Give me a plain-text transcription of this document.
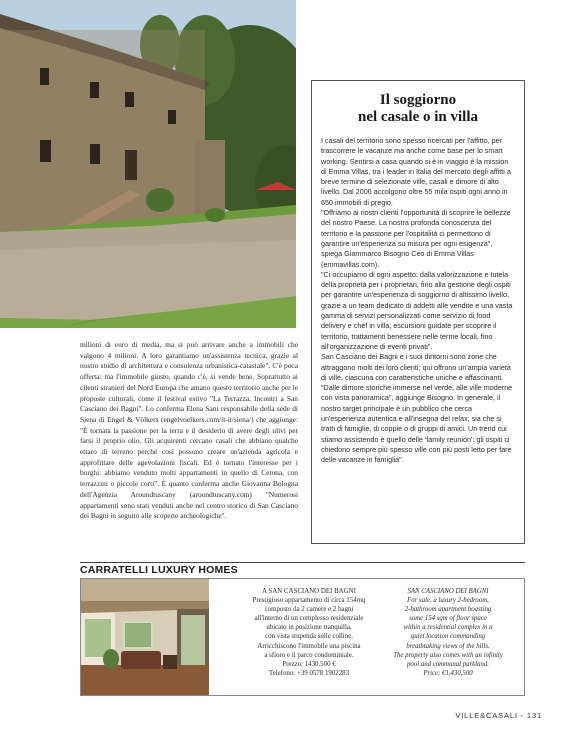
milioni di euro di media, ma si può arrivare anche a immobili che valgono 4 milioni. A loro garantiamo un'assistenza tecnica, grazie al nostro studio di architettura e consulenza urbanistica-catastale". C'è poca offerta: ma l'immobile giusto, quando c'è, si vende bene. Soprattutto ai clienti stranieri del Nord Europa che amano questo territorio anche per le proposte culturali, come il festival estivo "La Terrazza. Incontri a San Casciano dei Bagni". Lo conferma Elena Sani responsabile della sede di Siena di Engel & Völkers (engelvoelkers.com/it-it/siena/) che aggiunge: "È tornata la passione per la terra e il desiderio di avere degli ulivi per farsi il proprio olio. Gli acquirenti cercano casali che abbiano qualche ettaro di terreno perché così possono creare un'azienda agricola e approfittare delle agevolazioni fiscali. Ed è tornato l'interesse per i borghi: abbiamo venduto molti appartamenti in quello di Cetona, con terrazzini o piccole corti". È quanto conferma anche Giovanna Bologna dell'Agenzia Aroundtuscany (aroundtuscany.com) "Numerosi appartamenti sono stati venduti anche nel centro storico di San Casciano dei Bagni in seguito alle scoperte archeologiche".

Il soggiorno
nel casale o in villa

I casali del territorio sono spesso ricercati per l'affitto, per trascorrere le vacanze ma anche come base per lo smart working. Sentirsi a casa quando si è in viaggio è la mission di Emma Villas, tra i leader in Italia del mercato degli affitti a breve termine di selezionate ville, casali e dimore di alto livello. Dal 2006 accolgono oltre 55 mila ospiti ogni anno in 650 immobili di pregio.

"Offriamo ai nostri clienti l'opportunità di scoprire le bellezze del nostro Paese. La nostra profonda conoscenza del territorio e la passione per l'ospitalità ci permettono di garantire un'esperienza su misura per ogni esigenza", spiega Giammarco Bisogno Ceo di Emma Villas (emmavillas.com).

"Ci occupiamo di ogni aspetto: dalla valorizzazione e tutela della proprietà per i proprietari, fino alla gestione degli ospiti per garantire un'esperienza di soggiorno di altissimo livello, grazie a un team dedicato di addetti alle vendite e una vasta gamma di servizi personalizzati come servizio di food delivery e chef in villa, escursioni guidate per scoprire il territorio, trattamenti benessere nelle terme locali, fino all'organizzazione di eventi privati".

San Casciano dei Bagni e i suoi dintorni sono zone che attraggono molti dei loro clienti; qui offrono un'ampia varietà di ville, ciascuna con caratteristiche uniche e affascinanti.

"Dalle dimore storiche immerse nel verde, alle ville moderne con vista panoramica", aggiunge Bisogno. In generale, il nostro target principale è un pubblico che cerca un'esperienza autentica e all'insegna del relax; sia che si tratti di famiglie, di coppie o di gruppi di amici. Un trend cui stiamo assistendo è quello delle 'family reunion': gli ospiti ci chiedono sempre più spesso ville con più posti letto per fare delle vacanze in famiglia".

CARRATELLI LUXURY HOMES
A SAN CASCIANO DEI BAGNI
Prestigioso appartamento di circa 154mq
composto da 2 camere e 2 bagni
all'interno di un complesso residenziale
ubicato in posizione tranquilla,
con vista stupenda sulle colline.
Arricchiscono l'immobile una piscina
a sfioro e il parco condominiale.
Prezzo: 1430.500 €
Telefono: +39 0578 1902283
SAN CASCIANO DEI BAGNI
For sale, a luxury 2-bedroom,
2-bathroom apartment boasting
some 154 sqm of floor space
within a residential complex in a
quiet location commanding
breathtaking views of the hills.
The property also comes with an infinity
pool and communal parkland.
Price: €1,430,500
VILLE&CASALI - 131
